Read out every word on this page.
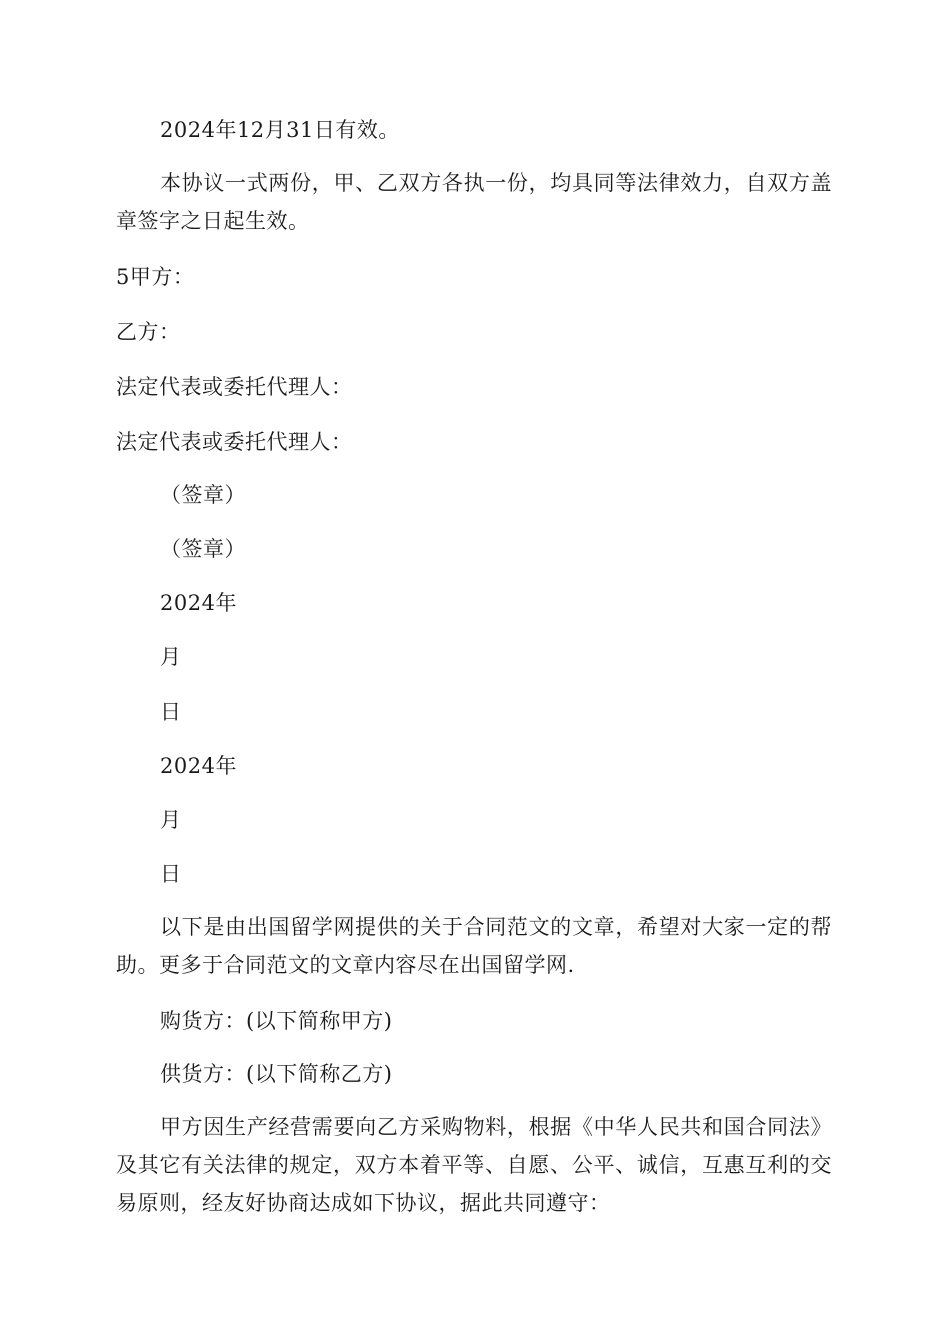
2024年12月31日有效。
本协议一式两份，甲、乙双方各执一份，均具同等法律效力，自双方盖章签字之日起生效。
5甲方：
乙方：
法定代表或委托代理人：
法定代表或委托代理人：
（签章）
（签章）
2024年
月
日
2024年
月
日
以下是由出国留学网提供的关于合同范文的文章，希望对大家一定的帮助。更多于合同范文的文章内容尽在出国留学网.
购货方：(以下简称甲方)
供货方：(以下简称乙方)
甲方因生产经营需要向乙方采购物料，根据《中华人民共和国合同法》及其它有关法律的规定，双方本着平等、自愿、公平、诚信，互惠互利的交易原则，经友好协商达成如下协议，据此共同遵守：
